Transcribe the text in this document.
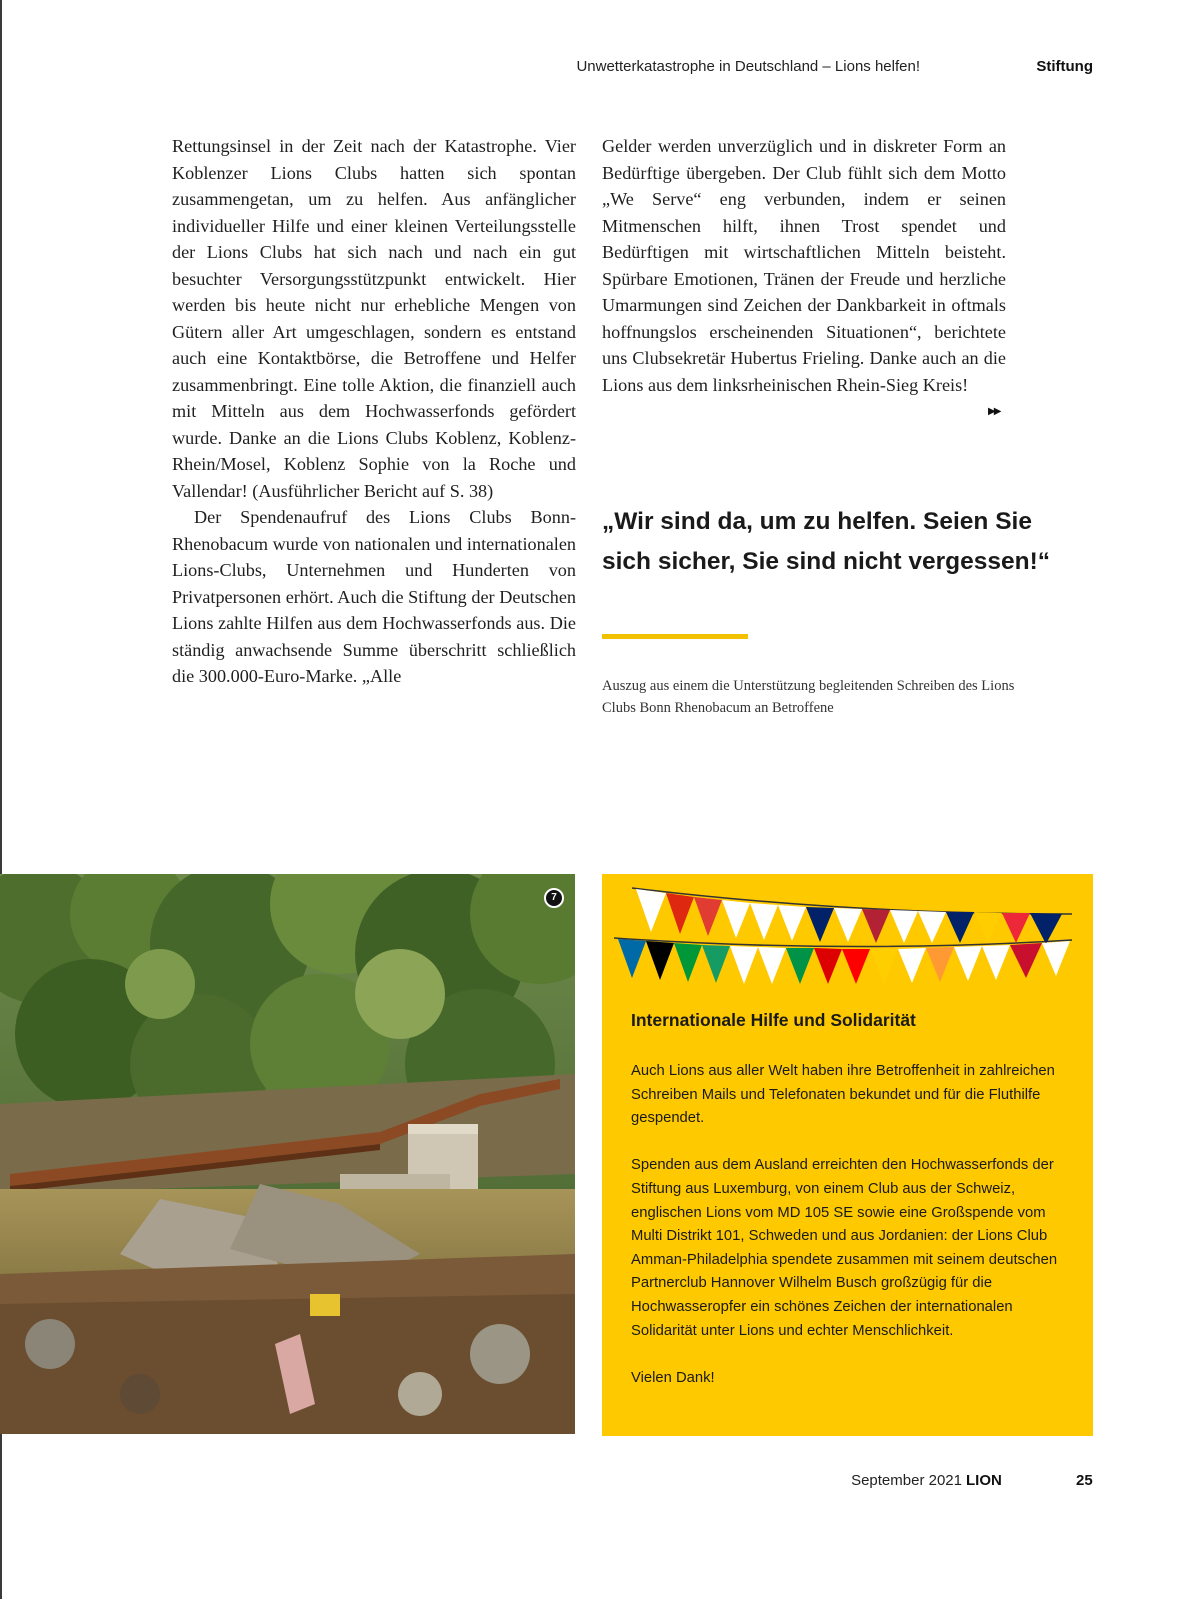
Unwetterkatastrophe in Deutschland – Lions helfen!	Stiftung

Rettungsinsel in der Zeit nach der Katastrophe. Vier Koblenzer Lions Clubs hatten sich spontan zusammengetan, um zu helfen. Aus anfänglicher individueller Hilfe und einer kleinen Verteilungsstelle der Lions Clubs hat sich nach und nach ein gut besuchter Versorgungsstützpunkt entwickelt. Hier werden bis heute nicht nur erhebliche Mengen von Gütern aller Art umgeschlagen, sondern es entstand auch eine Kontaktbörse, die Betroffene und Helfer zusammenbringt. Eine tolle Aktion, die finanziell auch mit Mitteln aus dem Hochwasserfonds gefördert wurde. Danke an die Lions Clubs Koblenz, Koblenz-Rhein/Mosel, Koblenz Sophie von la Roche und Vallendar! (Ausführlicher Bericht auf S. 38)

Der Spendenaufruf des Lions Clubs Bonn-Rhenobacum wurde von nationalen und internationalen Lions-Clubs, Unternehmen und Hunderten von Privatpersonen erhört. Auch die Stiftung der Deutschen Lions zahlte Hilfen aus dem Hochwasserfonds aus. Die ständig anwachsende Summe überschritt schließlich die 300.000-Euro-Marke. „Alle

Gelder werden unverzüglich und in diskreter Form an Bedürftige übergeben. Der Club fühlt sich dem Motto „We Serve“ eng verbunden, indem er seinen Mitmenschen hilft, ihnen Trost spendet und Bedürftigen mit wirtschaftlichen Mitteln beisteht. Spürbare Emotionen, Tränen der Freude und herzliche Umarmungen sind Zeichen der Dankbarkeit in oftmals hoffnungslos erscheinenden Situationen“, berichtete uns Clubsekretär Hubertus Frieling. Danke auch an die Lions aus dem linksrheinischen Rhein-Sieg Kreis!

▶▶
„Wir sind da, um zu helfen. Seien Sie sich sicher, Sie sind nicht vergessen!“
Auszug aus einem die Unterstützung begleitenden Schreiben des Lions Clubs Bonn Rhenobacum an Betroffene
7
Internationale Hilfe und Solidarität

Auch Lions aus aller Welt haben ihre Betroffenheit in zahlreichen Schreiben Mails und Telefonaten bekundet und für die Fluthilfe gespendet.

Spenden aus dem Ausland erreichten den Hochwasserfonds der Stiftung aus Luxemburg, von einem Club aus der Schweiz, englischen Lions vom MD 105 SE sowie eine Großspende vom Multi Distrikt 101, Schweden und aus Jordanien: der Lions Club Amman-Philadelphia spendete zusammen mit seinem deutschen Partnerclub Hannover Wilhelm Busch großzügig für die Hochwasseropfer ein schönes Zeichen der internationalen Solidarität unter Lions und echter Menschlichkeit.

Vielen Dank!

September 2021 LION	25
